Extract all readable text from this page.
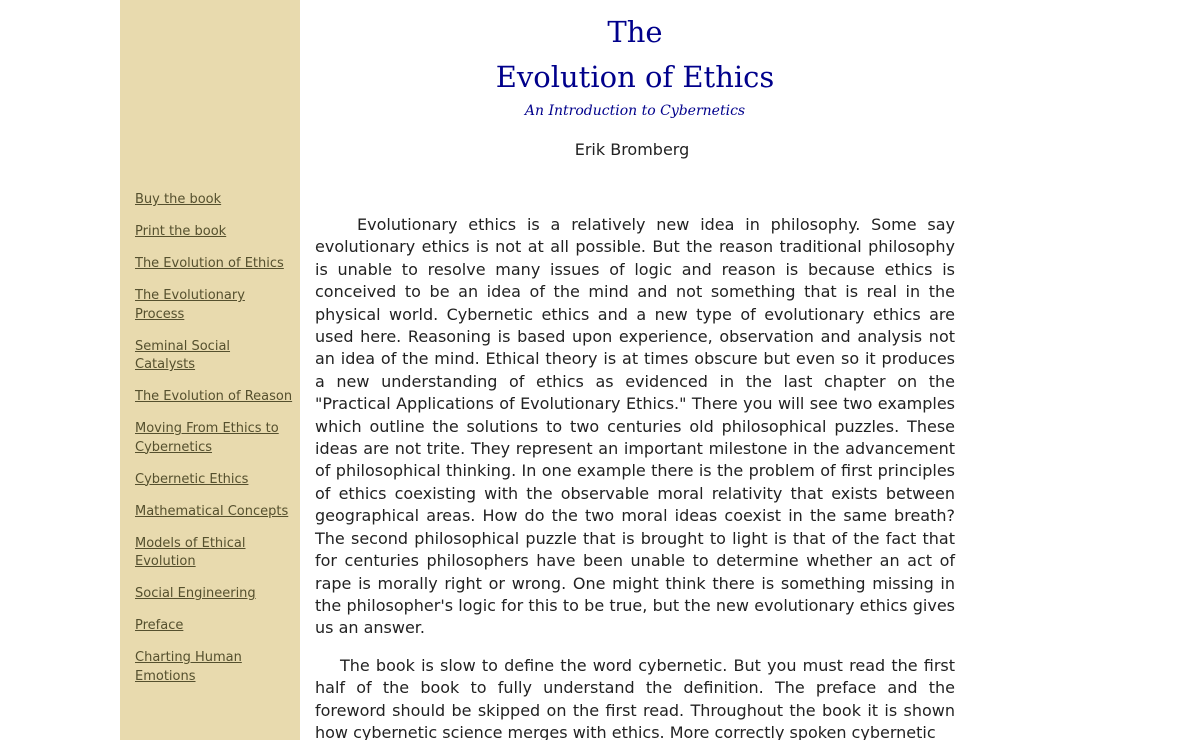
Buy the book
Print the book
The Evolution of Ethics
The Evolutionary Process
Seminal Social Catalysts
The Evolution of Reason
Moving From Ethics to Cybernetics
Cybernetic Ethics
Mathematical Concepts
Models of Ethical Evolution
Social Engineering
Preface
Charting Human Emotions
The
Evolution of Ethics
An Introduction to Cybernetics
Erik Bromberg

Evolutionary ethics is a relatively new idea in philosophy. Some say evolutionary ethics is not at all possible. But the reason traditional philosophy is unable to resolve many issues of logic and reason is because ethics is conceived to be an idea of the mind and not something that is real in the physical world. Cybernetic ethics and a new type of evolutionary ethics are used here. Reasoning is based upon experience, observation and analysis not an idea of the mind. Ethical theory is at times obscure but even so it produces a new understanding of ethics as evidenced in the last chapter on the "Practical Applications of Evolutionary Ethics." There you will see two examples which outline the solutions to two centuries old philosophical puzzles. These ideas are not trite. They represent an important milestone in the advancement of philosophical thinking. In one example there is the problem of first principles of ethics coexisting with the observable moral relativity that exists between geographical areas. How do the two moral ideas coexist in the same breath? The second philosophical puzzle that is brought to light is that of the fact that for centuries philosophers have been unable to determine whether an act of rape is morally right or wrong. One might think there is something missing in the philosopher's logic for this to be true, but the new evolutionary ethics gives us an answer.

The book is slow to define the word cybernetic. But you must read the first half of the book to fully understand the definition. The preface and the foreword should be skipped on the first read. Throughout the book it is shown how cybernetic science merges with ethics. More correctly spoken cybernetic
